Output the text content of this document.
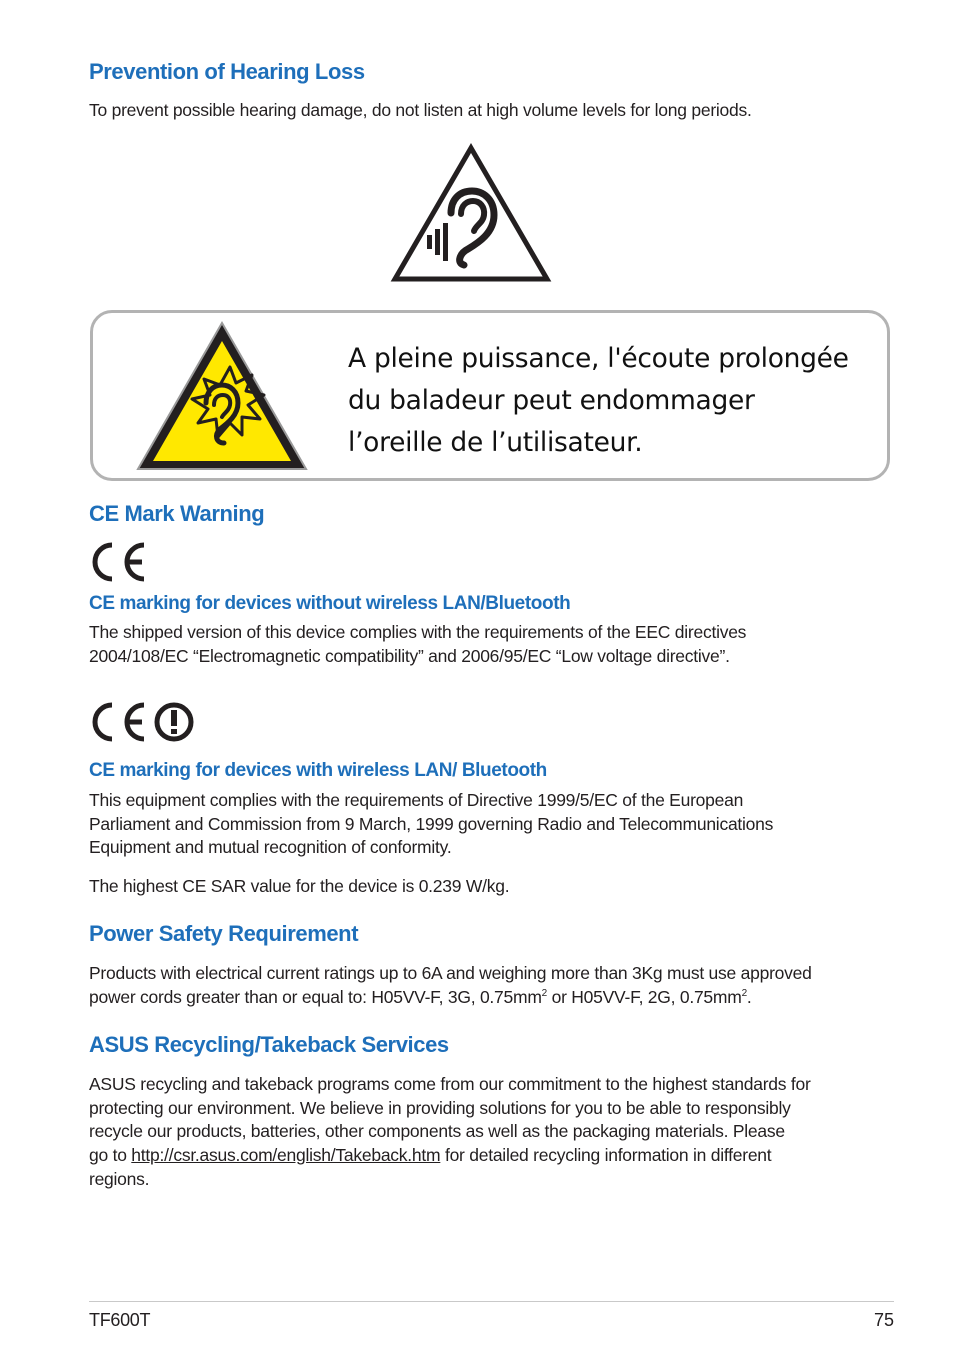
Prevention of Hearing Loss

To prevent possible hearing damage, do not listen at high volume levels for long periods.

A pleine puissance, l'écoute prolongée
du baladeur peut endommager
l’oreille de l’utilisateur.

CE Mark Warning
CE marking for devices without wireless LAN/Bluetooth

The shipped version of this device complies with the requirements of the EEC directives
2004/108/EC “Electromagnetic compatibility” and 2006/95/EC “Low voltage directive”.

CE marking for devices with wireless LAN/ Bluetooth

This equipment complies with the requirements of Directive 1999/5/EC of the European
Parliament and Commission from 9 March, 1999 governing Radio and Telecommunications
Equipment and mutual recognition of conformity.

The highest CE SAR value for the device is 0.239 W/kg.

Power Safety Requirement

Products with electrical current ratings up to 6A and weighing more than 3Kg must use approved
power cords greater than or equal to: H05VV-F, 3G, $0.75mm^2$ or H05VV-F, 2G, $0.75mm^2$.

ASUS Recycling/Takeback Services

ASUS recycling and takeback programs come from our commitment to the highest standards for
protecting our environment. We believe in providing solutions for you to be able to responsibly
recycle our products, batteries, other components as well as the packaging materials. Please
go to http://csr.asus.com/english/Takeback.htm for detailed recycling information in different
regions.

TF600T	75
